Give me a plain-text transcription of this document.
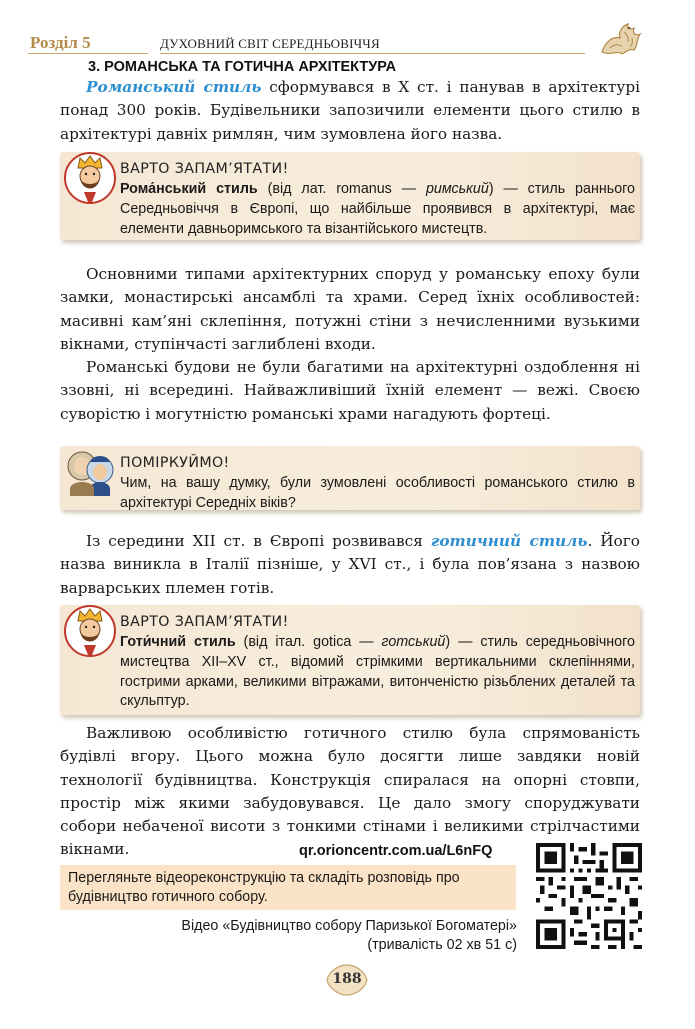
Розділ 5	ДУХОВНИЙ СВІТ СЕРЕДНЬОВІЧЧЯ
3. РОМАНСЬКА ТА ГОТИЧНА АРХІТЕКТУРА
Романський стиль сформувався в Х ст. і панував в архітектурі понад 300 років. Будівельники запозичили елементи цього стилю в архітектурі давніх римлян, чим зумовлена його назва.
ВАРТО ЗАПАМ’ЯТАТИ!
Рома́нський стиль (від лат. romanus — римський) — стиль раннього Середньовіччя в Європі, що найбільше проявився в архітектурі, має елементи давньоримського та візантійського мистецтв.
Основними типами архітектурних споруд у романську епоху були замки, монастирські ансамблі та храми. Серед їхніх особливостей: масивні кам’яні склепіння, потужні стіни з нечисленними вузькими вікнами, ступінчасті заглиблені входи.
Романські будови не були багатими на архітектурні оздоблення ні ззовні, ні всередині. Найважливіший їхній елемент — вежі. Своєю суворістю і могутністю романські храми нагадують фортеці.
ПОМІРКУЙМО!
Чим, на вашу думку, були зумовлені особливості романського стилю в архітектурі Середніх віків?
Із середини XII ст. в Європі розвивався готичний стиль. Його назва виникла в Італії пізніше, у XVI ст., і була пов’язана з назвою варварських племен готів.
ВАРТО ЗАПАМ’ЯТАТИ!
Готи́чний стиль (від італ. gotica — готський) — стиль середньовічного мистецтва XII–XV ст., відомий стрімкими вертикальними склепіннями, гострими арками, великими вітражами, витонченістю різьблених деталей та скульптур.
Важливою особливістю готичного стилю була спрямованість будівлі вгору. Цього можна було досягти лише завдяки новій технології будівництва. Конструкція спиралася на опорні стовпи, простір між якими забудовувався. Це дало змогу споруджувати собори небаченої висоти з тонкими стінами і великими стрілчастими вікнами.	qr.orioncentr.com.ua/L6nFQ
Перегляньте відеореконструкцію та складіть розповідь про будівництво готичного собору.
Відео «Будівництво собору Паризької Богоматері»
(тривалість 02 хв 51 с)
188
